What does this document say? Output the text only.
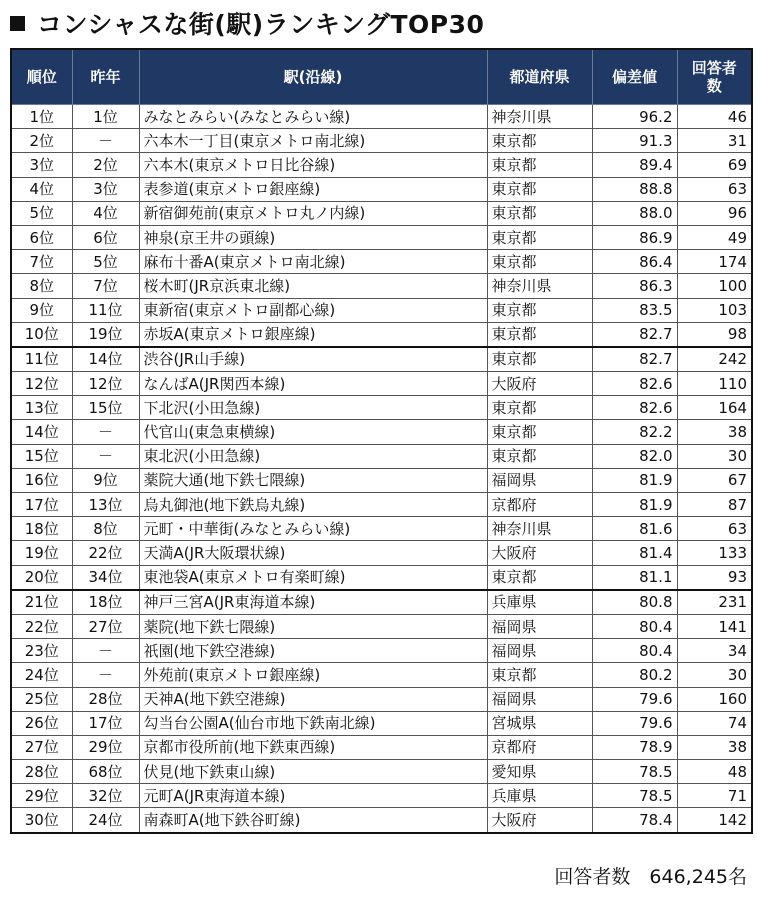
コンシャスな街(駅)ランキングTOP30
順位	昨年	駅(沿線)	都道府県	偏差値	回答者数
1位	1位	みなとみらい(みなとみらい線)	神奈川県	96.2	46
2位	－	六本木一丁目(東京メトロ南北線)	東京都	91.3	31
3位	2位	六本木(東京メトロ日比谷線)	東京都	89.4	69
4位	3位	表参道(東京メトロ銀座線)	東京都	88.8	63
5位	4位	新宿御苑前(東京メトロ丸ノ内線)	東京都	88.0	96
6位	6位	神泉(京王井の頭線)	東京都	86.9	49
7位	5位	麻布十番A(東京メトロ南北線)	東京都	86.4	174
8位	7位	桜木町(JR京浜東北線)	神奈川県	86.3	100
9位	11位	東新宿(東京メトロ副都心線)	東京都	83.5	103
10位	19位	赤坂A(東京メトロ銀座線)	東京都	82.7	98
11位	14位	渋谷(JR山手線)	東京都	82.7	242
12位	12位	なんばA(JR関西本線)	大阪府	82.6	110
13位	15位	下北沢(小田急線)	東京都	82.6	164
14位	－	代官山(東急東横線)	東京都	82.2	38
15位	－	東北沢(小田急線)	東京都	82.0	30
16位	9位	薬院大通(地下鉄七隈線)	福岡県	81.9	67
17位	13位	烏丸御池(地下鉄烏丸線)	京都府	81.9	87
18位	8位	元町・中華街(みなとみらい線)	神奈川県	81.6	63
19位	22位	天満A(JR大阪環状線)	大阪府	81.4	133
20位	34位	東池袋A(東京メトロ有楽町線)	東京都	81.1	93
21位	18位	神戸三宮A(JR東海道本線)	兵庫県	80.8	231
22位	27位	薬院(地下鉄七隈線)	福岡県	80.4	141
23位	－	祇園(地下鉄空港線)	福岡県	80.4	34
24位	－	外苑前(東京メトロ銀座線)	東京都	80.2	30
25位	28位	天神A(地下鉄空港線)	福岡県	79.6	160
26位	17位	勾当台公園A(仙台市地下鉄南北線)	宮城県	79.6	74
27位	29位	京都市役所前(地下鉄東西線)	京都府	78.9	38
28位	68位	伏見(地下鉄東山線)	愛知県	78.5	48
29位	32位	元町A(JR東海道本線)	兵庫県	78.5	71
30位	24位	南森町A(地下鉄谷町線)	大阪府	78.4	142
回答者数　646,245名
